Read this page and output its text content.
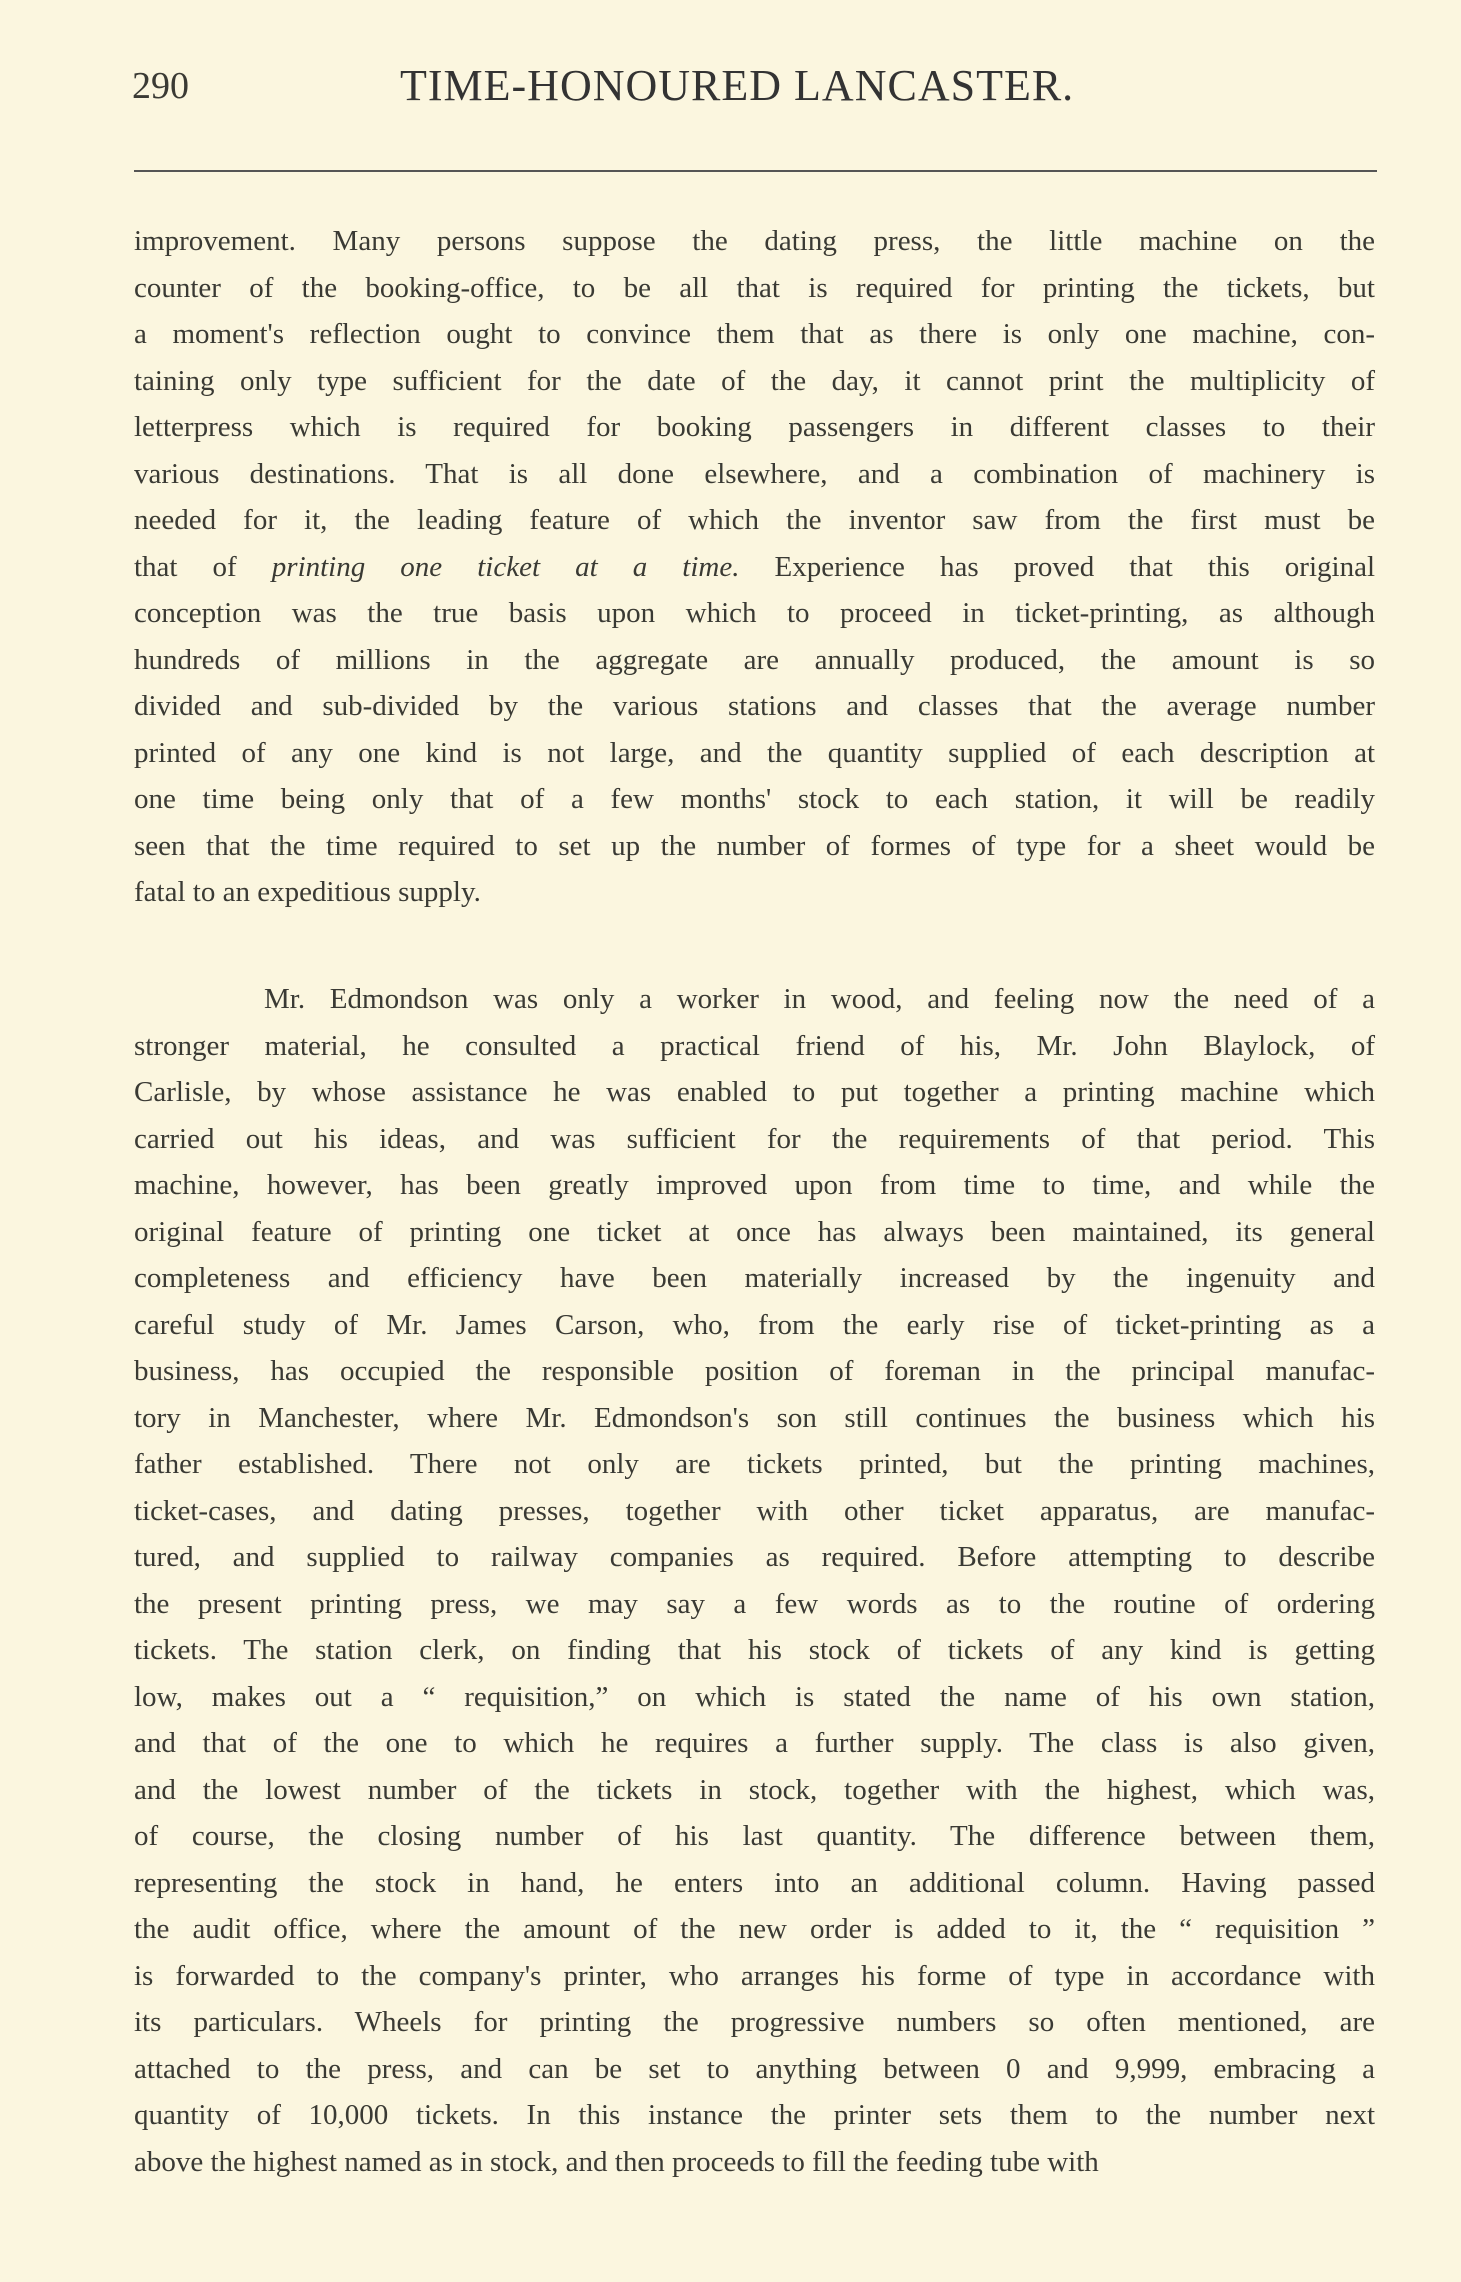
290	TIME-HONOURED LANCASTER.
improvement. Many persons suppose the dating press, the little machine on the
counter of the booking-office, to be all that is required for printing the tickets, but
a moment's reflection ought to convince them that as there is only one machine, con-
taining only type sufficient for the date of the day, it cannot print the multiplicity of
letterpress which is required for booking passengers in different classes to their
various destinations. That is all done elsewhere, and a combination of machinery is
needed for it, the leading feature of which the inventor saw from the first must be
that of printing one ticket at a time. Experience has proved that this original
conception was the true basis upon which to proceed in ticket-printing, as although
hundreds of millions in the aggregate are annually produced, the amount is so
divided and sub-divided by the various stations and classes that the average number
printed of any one kind is not large, and the quantity supplied of each description at
one time being only that of a few months' stock to each station, it will be readily
seen that the time required to set up the number of formes of type for a sheet would be
fatal to an expeditious supply.
Mr. Edmondson was only a worker in wood, and feeling now the need of a
stronger material, he consulted a practical friend of his, Mr. John Blaylock, of
Carlisle, by whose assistance he was enabled to put together a printing machine which
carried out his ideas, and was sufficient for the requirements of that period. This
machine, however, has been greatly improved upon from time to time, and while the
original feature of printing one ticket at once has always been maintained, its general
completeness and efficiency have been materially increased by the ingenuity and
careful study of Mr. James Carson, who, from the early rise of ticket-printing as a
business, has occupied the responsible position of foreman in the principal manufac-
tory in Manchester, where Mr. Edmondson's son still continues the business which his
father established. There not only are tickets printed, but the printing machines,
ticket-cases, and dating presses, together with other ticket apparatus, are manufac-
tured, and supplied to railway companies as required. Before attempting to describe
the present printing press, we may say a few words as to the routine of ordering
tickets. The station clerk, on finding that his stock of tickets of any kind is getting
low, makes out a “ requisition,” on which is stated the name of his own station,
and that of the one to which he requires a further supply. The class is also given,
and the lowest number of the tickets in stock, together with the highest, which was,
of course, the closing number of his last quantity. The difference between them,
representing the stock in hand, he enters into an additional column. Having passed
the audit office, where the amount of the new order is added to it, the “ requisition ”
is forwarded to the company's printer, who arranges his forme of type in accordance with
its particulars. Wheels for printing the progressive numbers so often mentioned, are
attached to the press, and can be set to anything between 0 and 9,999, embracing a
quantity of 10,000 tickets. In this instance the printer sets them to the number next
above the highest named as in stock, and then proceeds to fill the feeding tube with
